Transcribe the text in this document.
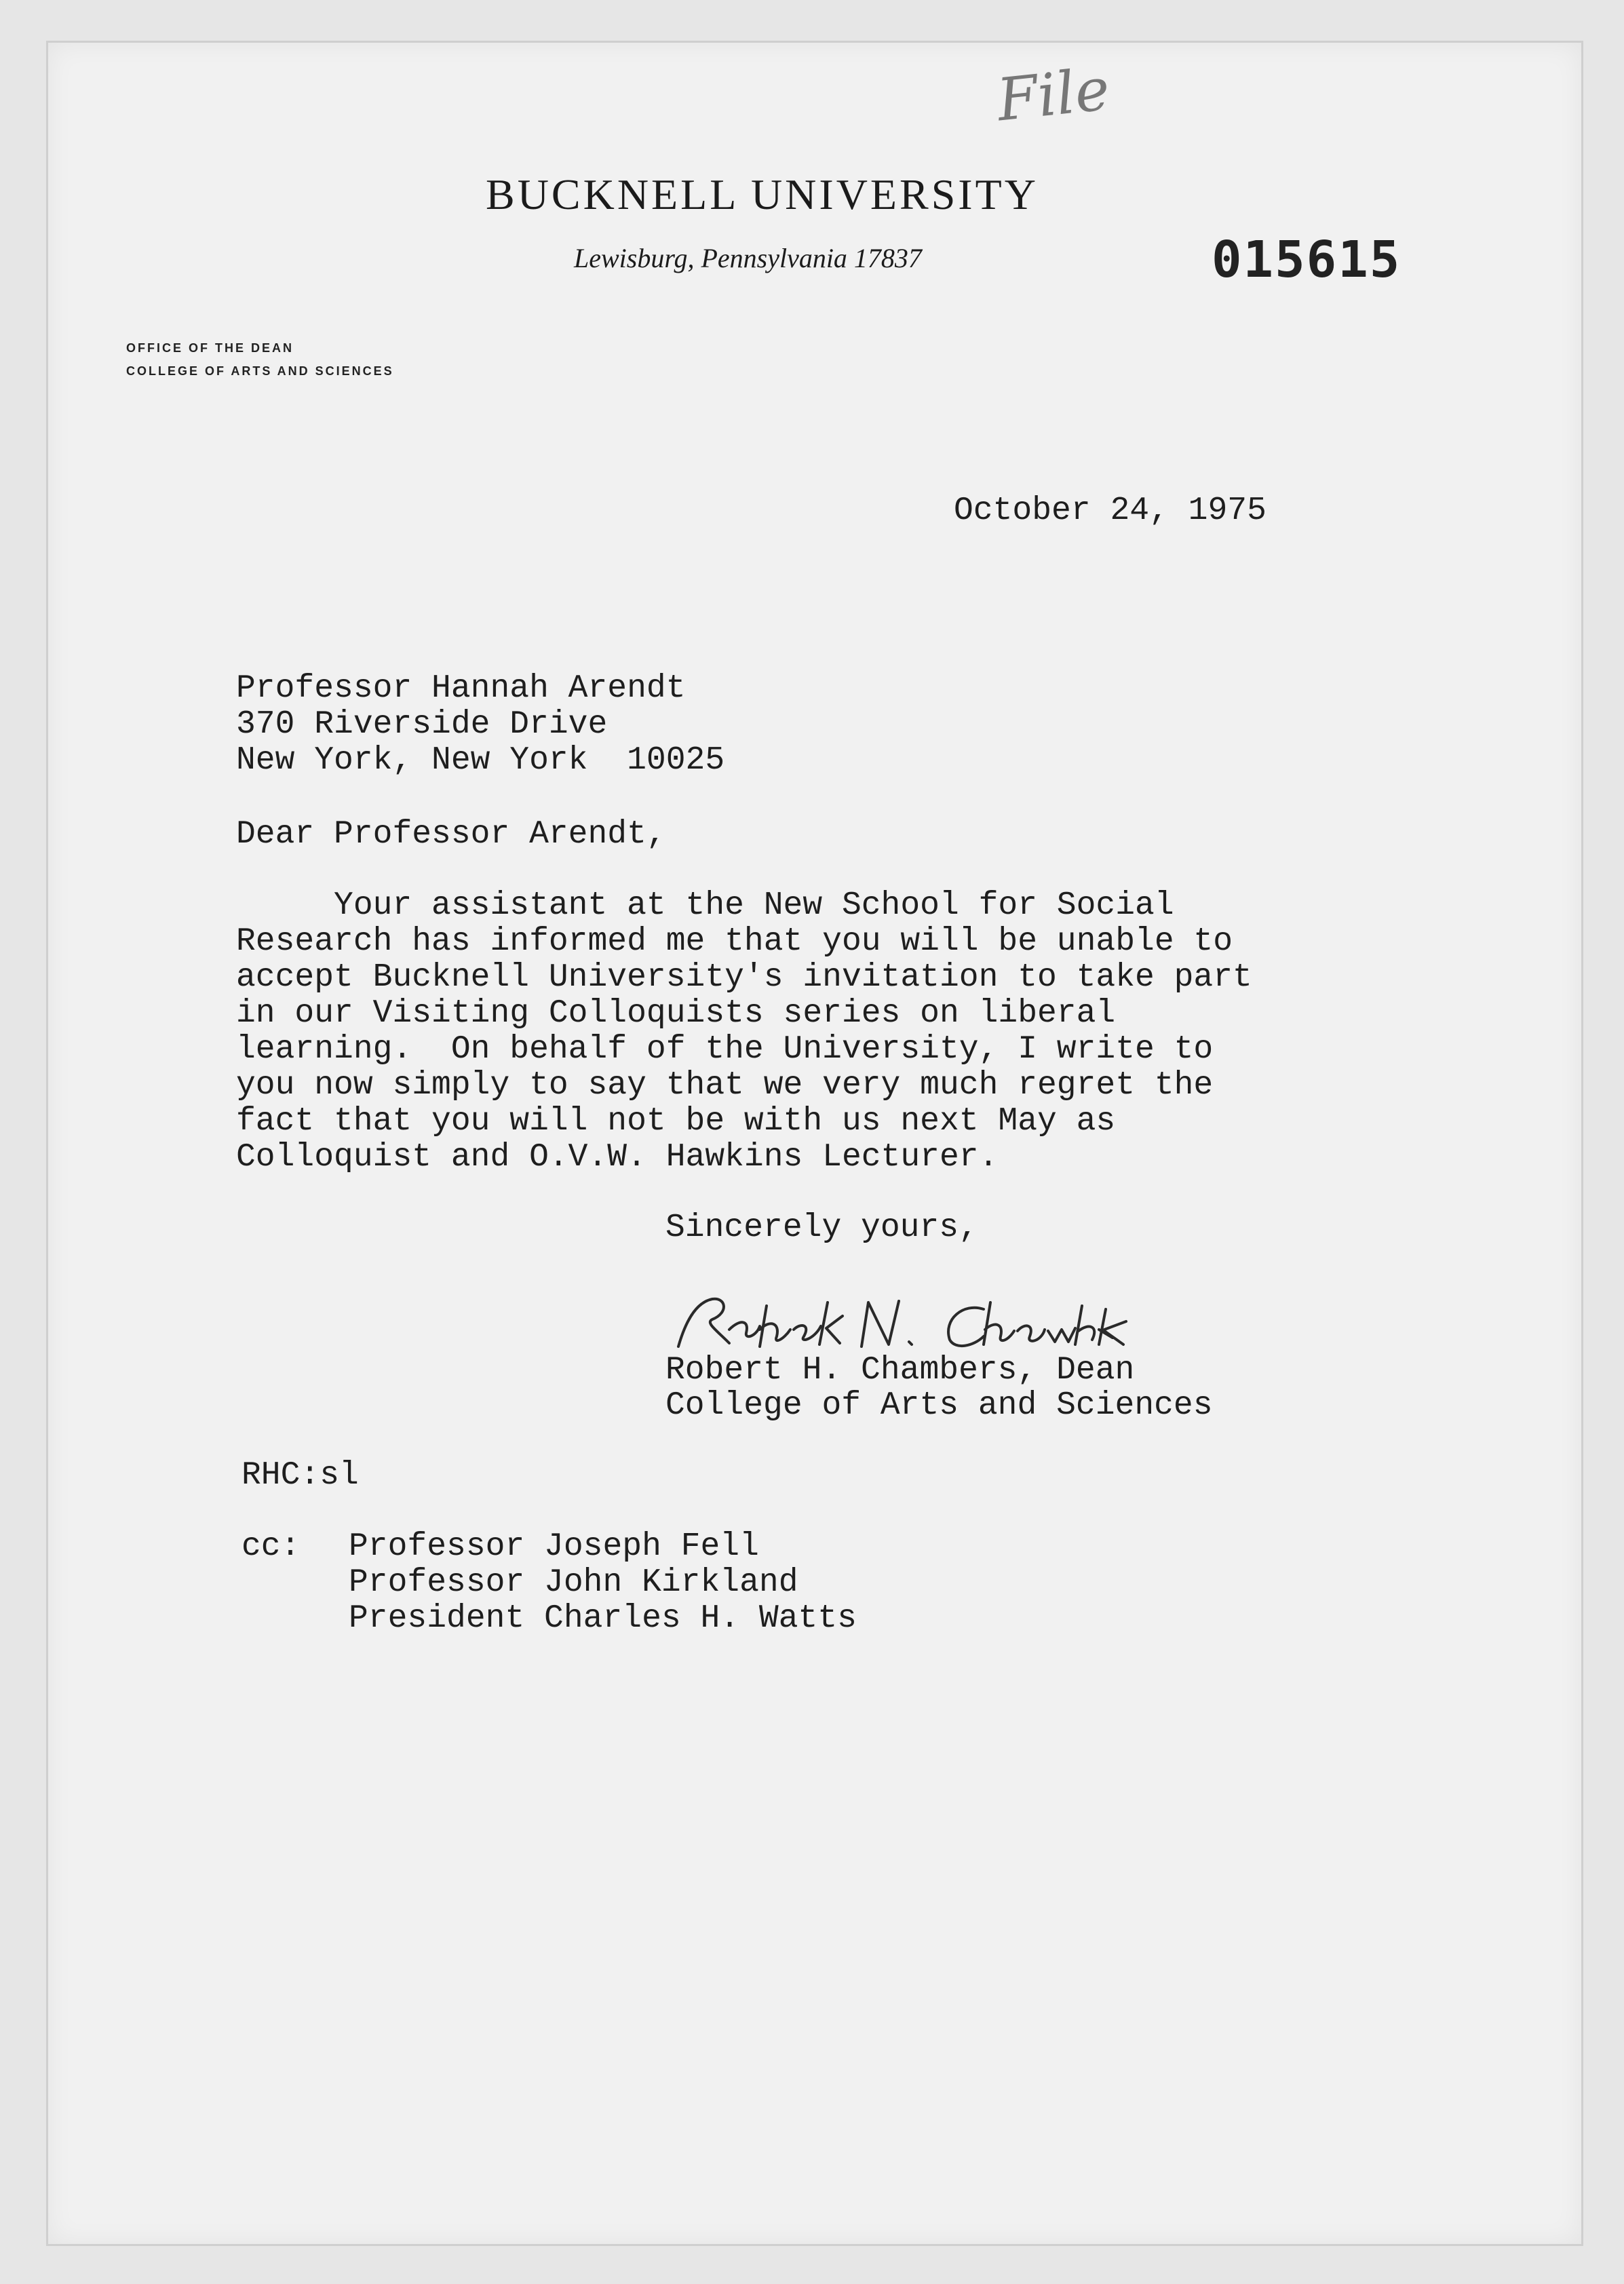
File
BUCKNELL UNIVERSITY
Lewisburg, Pennsylvania 17837	015615
OFFICE OF THE DEAN
COLLEGE OF ARTS AND SCIENCES
October 24, 1975
Professor Hannah Arendt
370 Riverside Drive
New York, New York  10025
Dear Professor Arendt,
Your assistant at the New School for Social
Research has informed me that you will be unable to
accept Bucknell University's invitation to take part
in our Visiting Colloquists series on liberal
learning.  On behalf of the University, I write to
you now simply to say that we very much regret the
fact that you will not be with us next May as
Colloquist and O.V.W. Hawkins Lecturer.
Sincerely yours,
Robert H. Chambers, Dean
College of Arts and Sciences
RHC:sl
cc: Professor Joseph Fell
Professor John Kirkland
President Charles H. Watts
